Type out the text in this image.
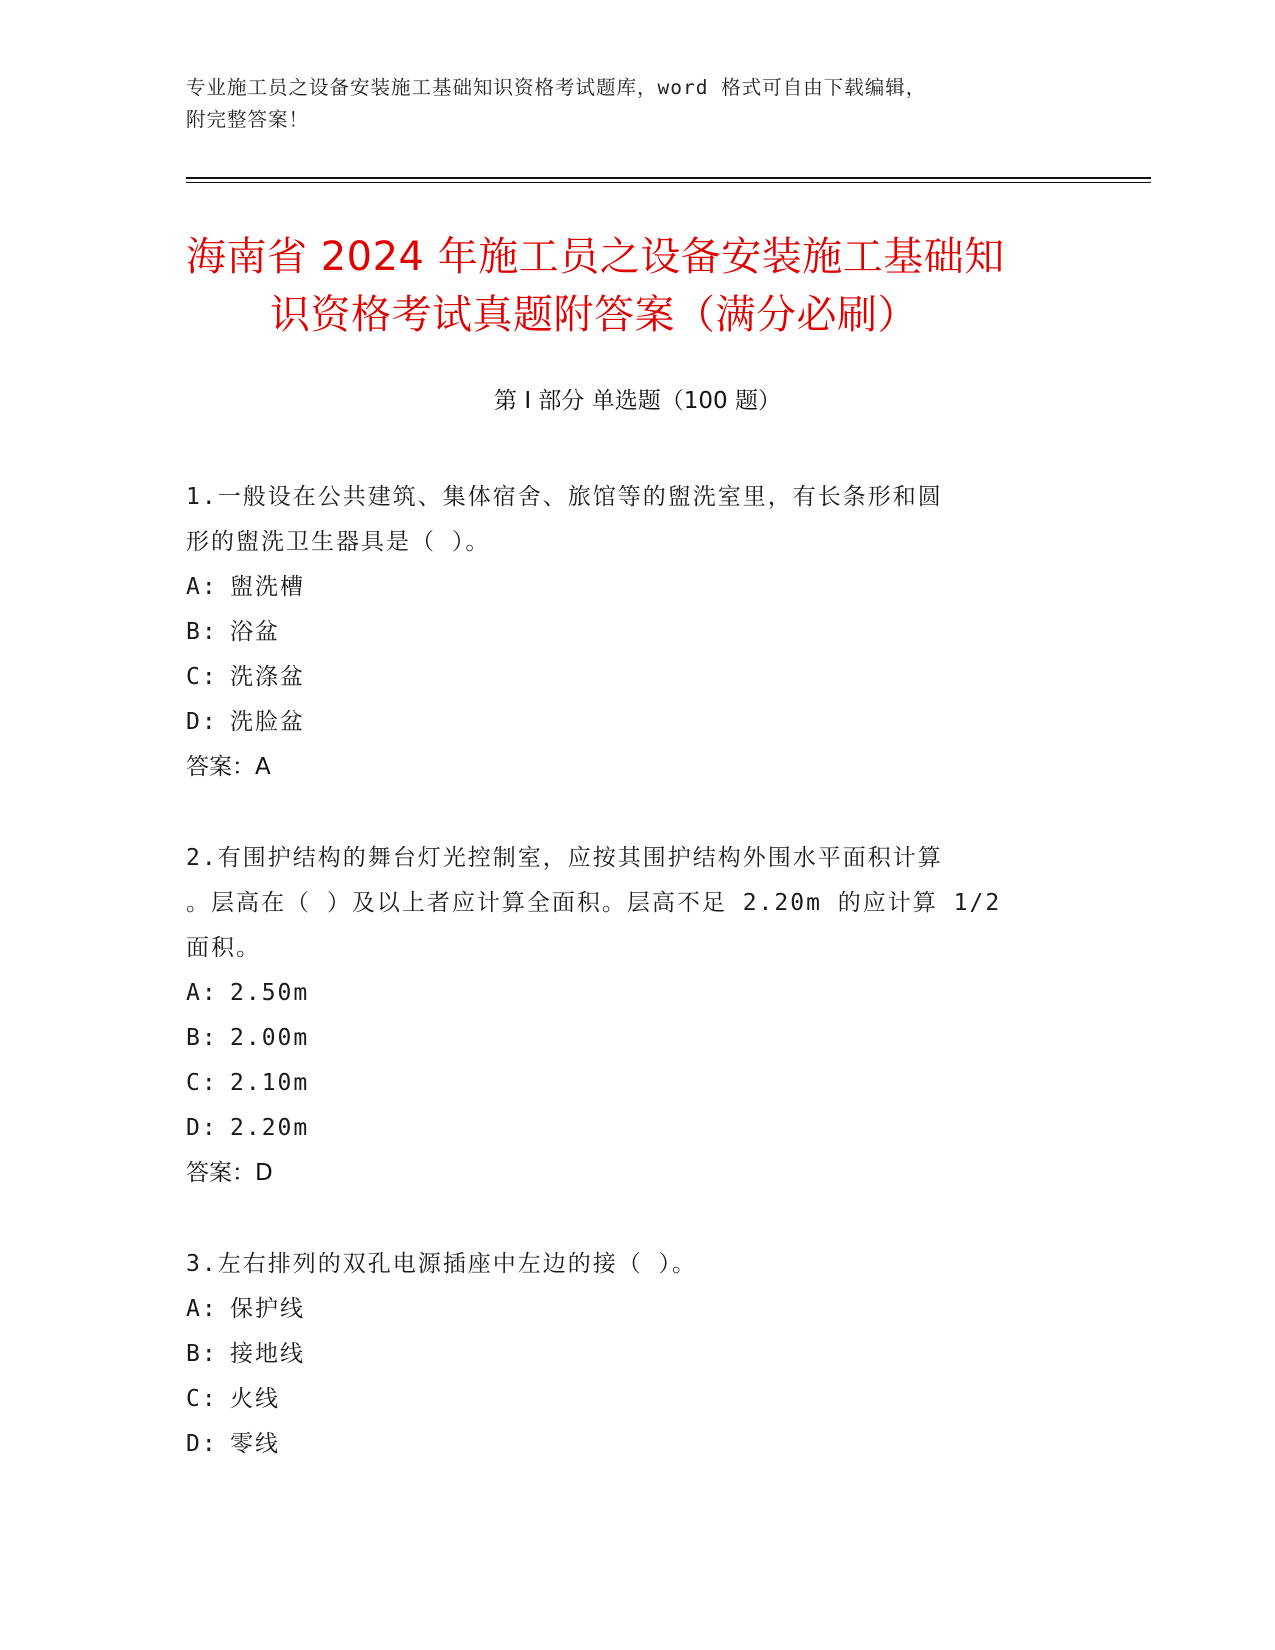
专业施工员之设备安装施工基础知识资格考试题库，word 格式可自由下载编辑，
附完整答案！
海南省 2024 年施工员之设备安装施工基础知
识资格考试真题附答案（满分必刷）
第 I 部分 单选题（100 题）

1.一般设在公共建筑、集体宿舍、旅馆等的盥洗室里，有长条形和圆

形的盥洗卫生器具是（ ）。

A: 盥洗槽
B: 浴盆
C: 洗涤盆
D: 洗脸盆

答案：A

2.有围护结构的舞台灯光控制室，应按其围护结构外围水平面积计算

。层高在（ ）及以上者应计算全面积。层高不足 2.20m 的应计算 1/2

面积。

A: 2.50m
B: 2.00m
C: 2.10m
D: 2.20m

答案：D

3.左右排列的双孔电源插座中左边的接（ ）。

A: 保护线
B: 接地线
C: 火线
D: 零线
